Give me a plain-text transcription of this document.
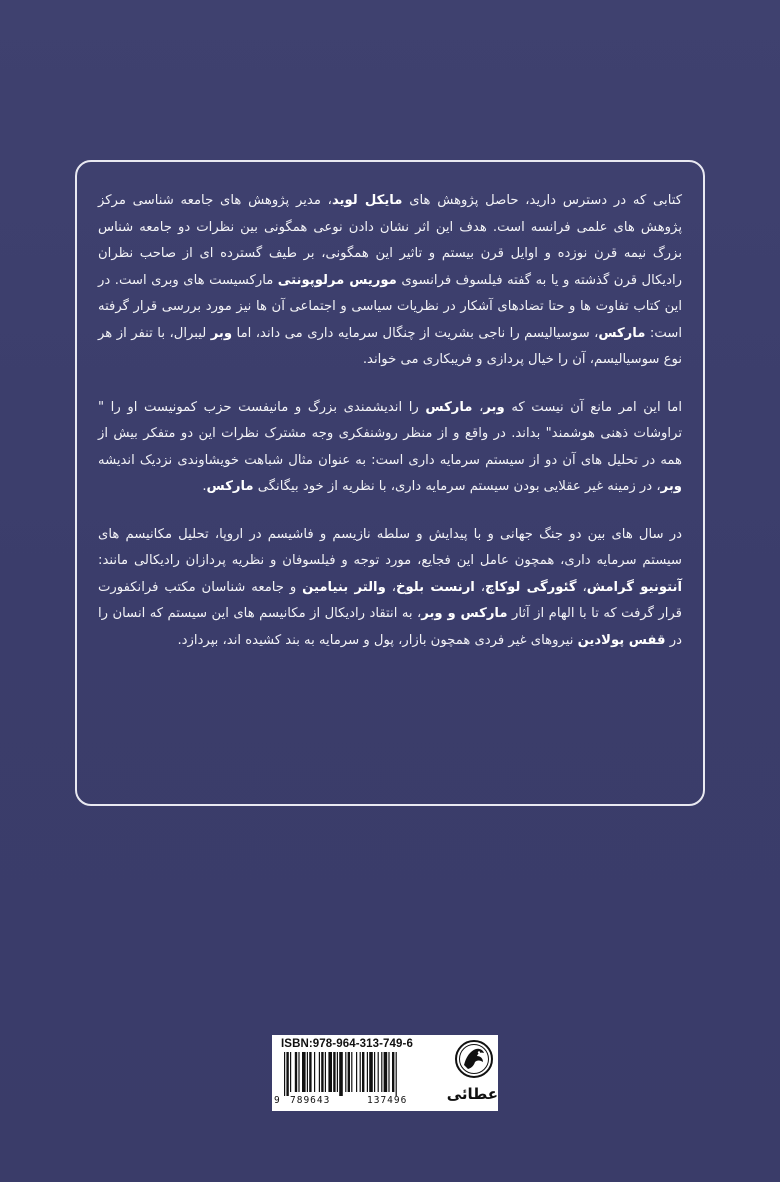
کتابی که در دسترس دارید، حاصل پژوهش های مایکل لوید، مدیر پژوهش های جامعه شناسی مرکز پژوهش های علمی فرانسه است. هدف این اثر نشان دادن نوعی همگونی بین نظرات دو جامعه شناس بزرگ نیمه قرن نوزده و اوایل قرن بیستم و تاثیر این همگونی، بر طیف گسترده ای از صاحب نظران رادیکال قرن گذشته و یا به گفته فیلسوف فرانسوی موریس مرلوپونتی مارکسیست های وبری است. در این کتاب تفاوت ها و حتا تضادهای آشکار در نظریات سیاسی و اجتماعی آن ها نیز مورد بررسی قرار گرفته است: مارکس، سوسیالیسم را ناجی بشریت از چنگال سرمایه داری می داند، اما وبر لیبرال، با تنفر از هر نوع سوسیالیسم، آن را خیال پردازی و فریبکاری می خواند.

اما این امر مانع آن نیست که وبر، مارکس را اندیشمندی بزرگ و مانیفست حزب کمونیست او را " تراوشات ذهنی هوشمند" بداند. در واقع و از منظر روشنفکری وجه مشترک نظرات این دو متفکر بیش از همه در تحلیل های آن دو از سیستم سرمایه داری است: به عنوان مثال شباهت خویشاوندی نزدیک اندیشه وبر، در زمینه غیر عقلایی بودن سیستم سرمایه داری، با نظریه از خود بیگانگی مارکس.

در سال های بین دو جنگ جهانی و با پیدایش و سلطه نازیسم و فاشیسم در اروپا، تحلیل مکانیسم های سیستم سرمایه داری، همچون عامل این فجایع، مورد توجه و فیلسوفان و نظریه پردازان رادیکالی مانند: آنتونیو گرامش، گئورگی لوکاچ، ارنست بلوخ، والتر بنیامین و جامعه شناسان مکتب فرانکفورت قرار گرفت که تا با الهام از آثار مارکس و وبر، به انتقاد رادیکال از مکانیسم های این سیستم که انسان را در قفس پولادین نیروهای غیر فردی همچون بازار، پول و سرمایه به بند کشیده اند، بپردازد.

ISBN:978-964-313-749-6
9 789643	137496	عطائی
